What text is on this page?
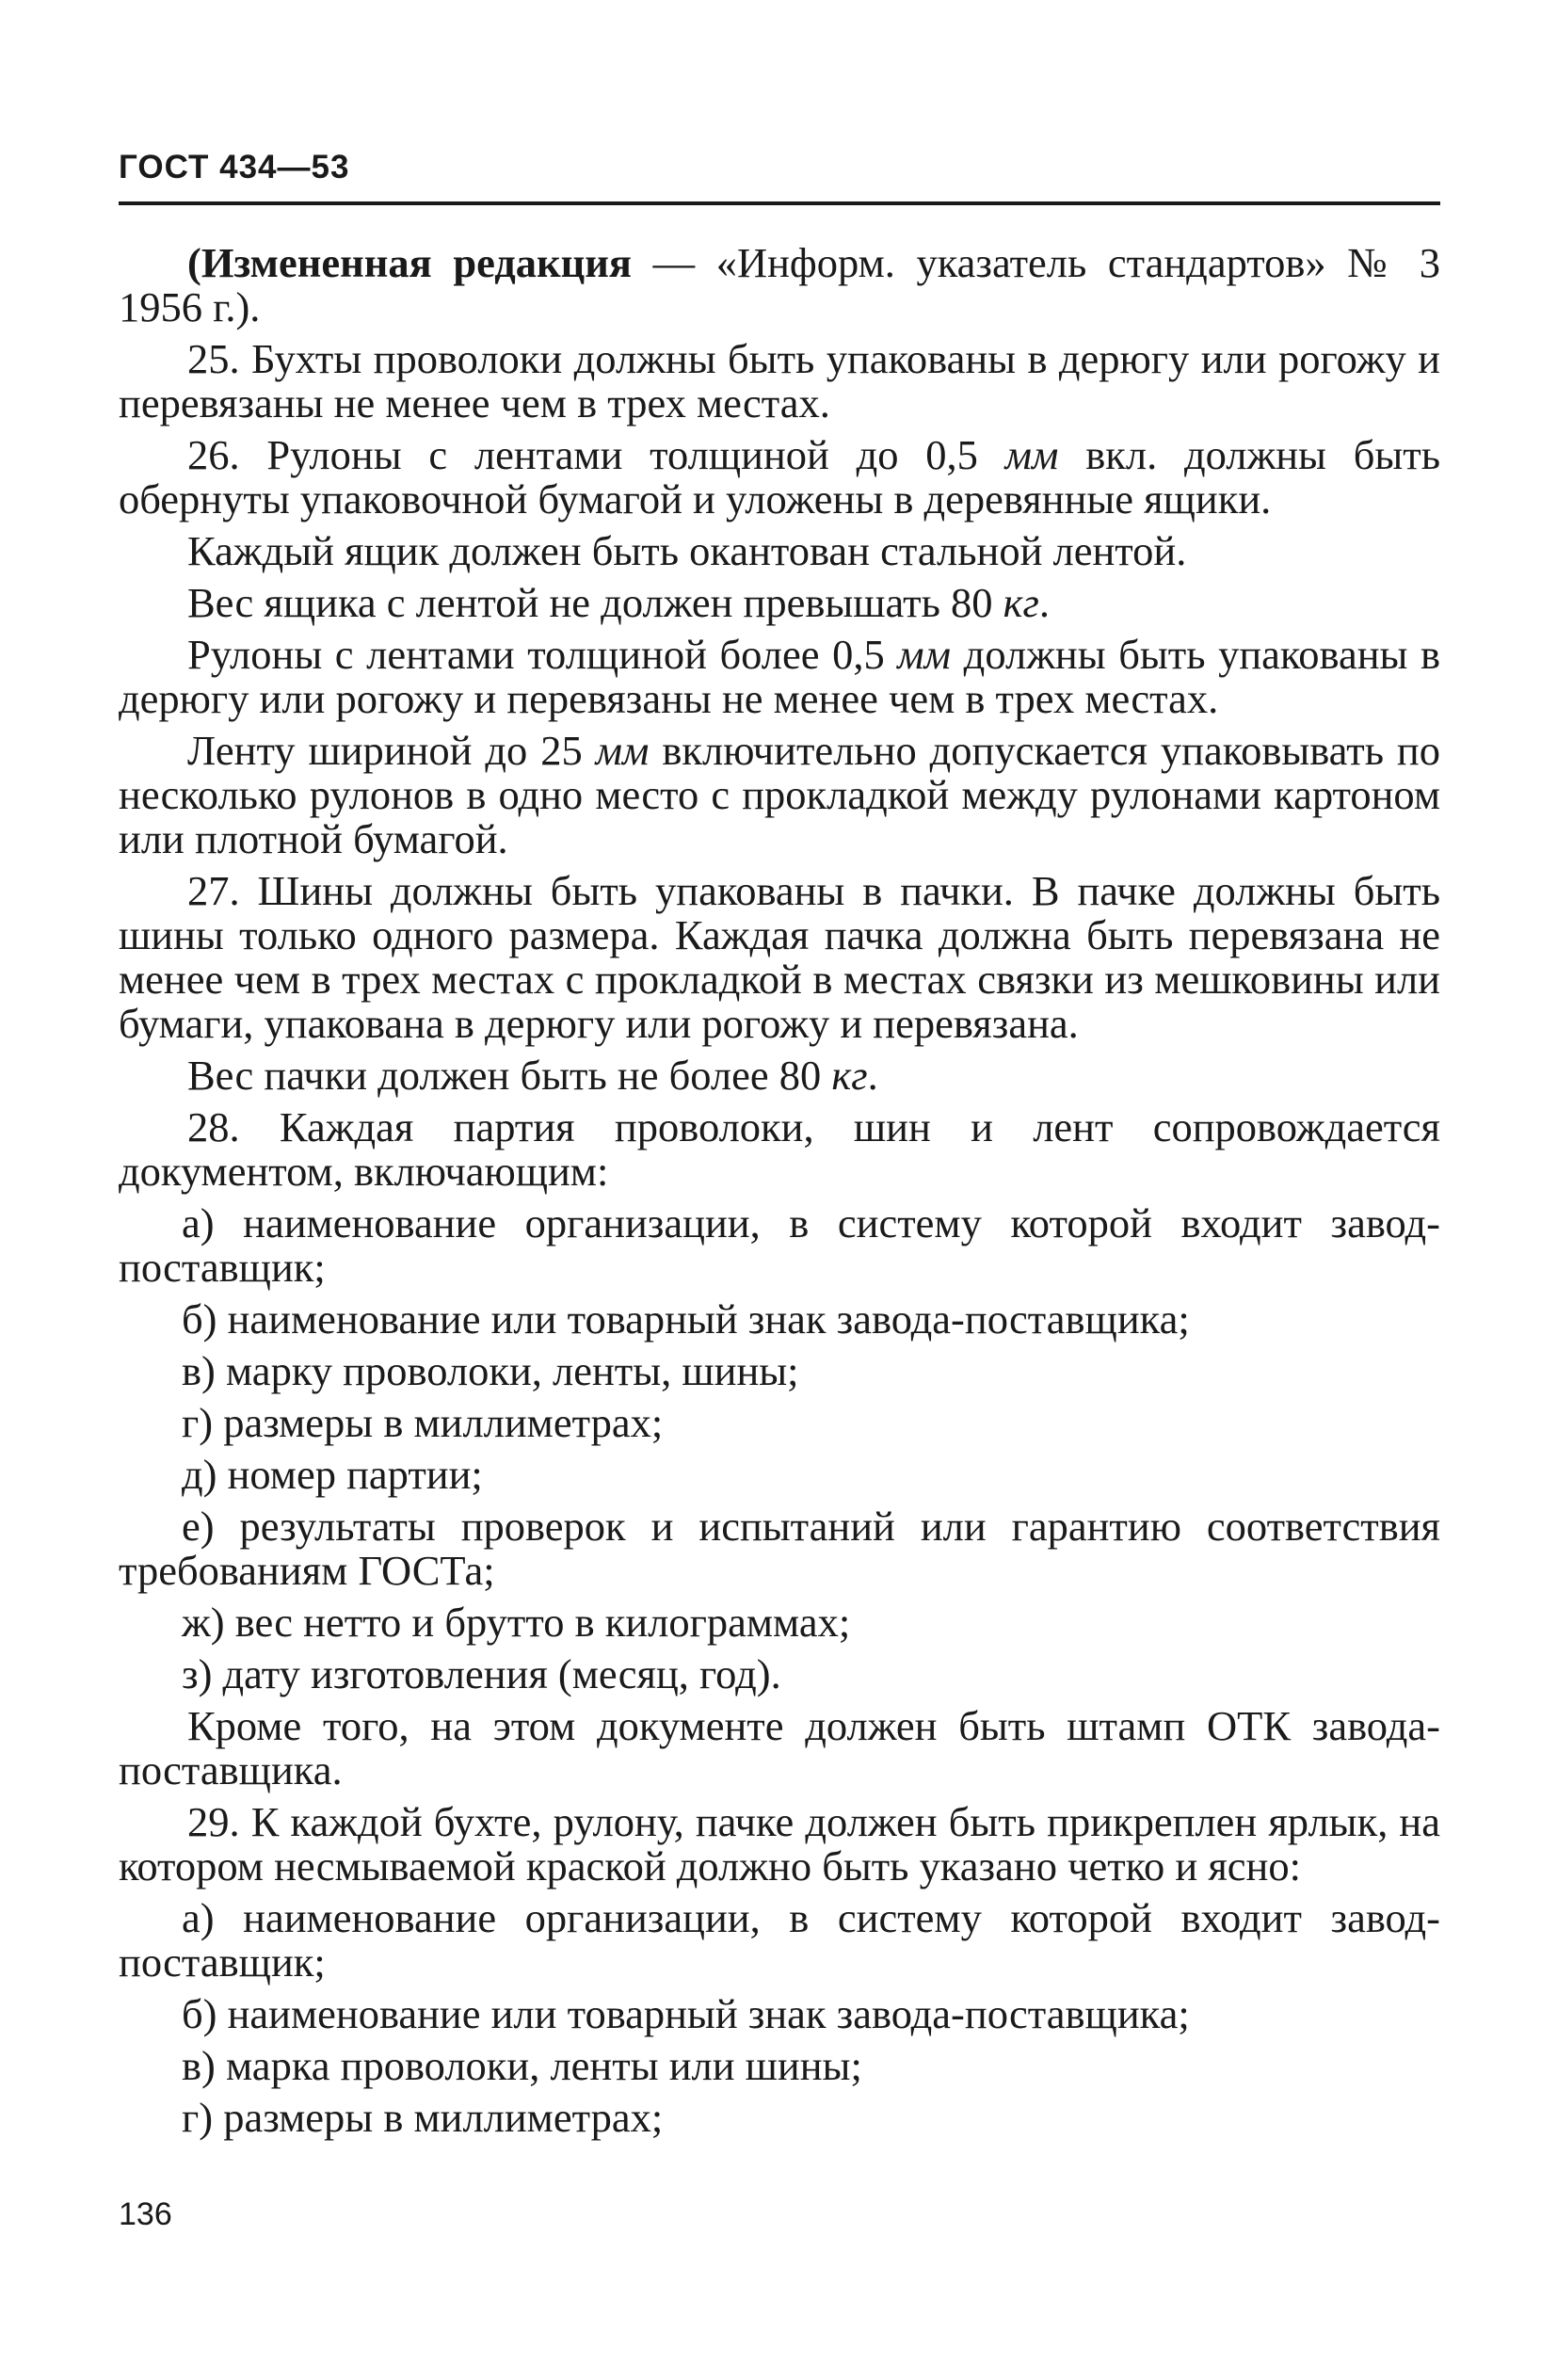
ГОСТ 434—53

(Измененная редакция — «Информ. указатель стандартов» № 3 1956 г.).

25. Бухты проволоки должны быть упакованы в дерюгу или рогожу и перевязаны не менее чем в трех местах.

26. Рулоны с лентами толщиной до 0,5 мм вкл. должны быть обернуты упаковочной бумагой и уложены в деревянные ящики.

Каждый ящик должен быть окантован стальной лентой.

Вес ящика с лентой не должен превышать 80 кг.

Рулоны с лентами толщиной более 0,5 мм должны быть упакованы в дерюгу или рогожу и перевязаны не менее чем в трех местах.

Ленту шириной до 25 мм включительно допускается упаковывать по несколько рулонов в одно место с прокладкой между рулонами картоном или плотной бумагой.

27. Шины должны быть упакованы в пачки. В пачке должны быть шины только одного размера. Каждая пачка должна быть перевязана не менее чем в трех местах с прокладкой в местах связки из мешковины или бумаги, упакована в дерюгу или рогожу и перевязана.

Вес пачки должен быть не более 80 кг.

28. Каждая партия проволоки, шин и лент сопровождается документом, включающим:

а) наименование организации, в систему которой входит завод-поставщик;

б) наименование или товарный знак завода-поставщика;

в) марку проволоки, ленты, шины;

г) размеры в миллиметрах;

д) номер партии;

е) результаты проверок и испытаний или гарантию соответствия требованиям ГОСТа;

ж) вес нетто и брутто в килограммах;

з) дату изготовления (месяц, год).

Кроме того, на этом документе должен быть штамп ОТК завода-поставщика.

29. К каждой бухте, рулону, пачке должен быть прикреплен ярлык, на котором несмываемой краской должно быть указано четко и ясно:

а) наименование организации, в систему которой входит завод-поставщик;

б) наименование или товарный знак завода-поставщика;

в) марка проволоки, ленты или шины;

г) размеры в миллиметрах;

136
